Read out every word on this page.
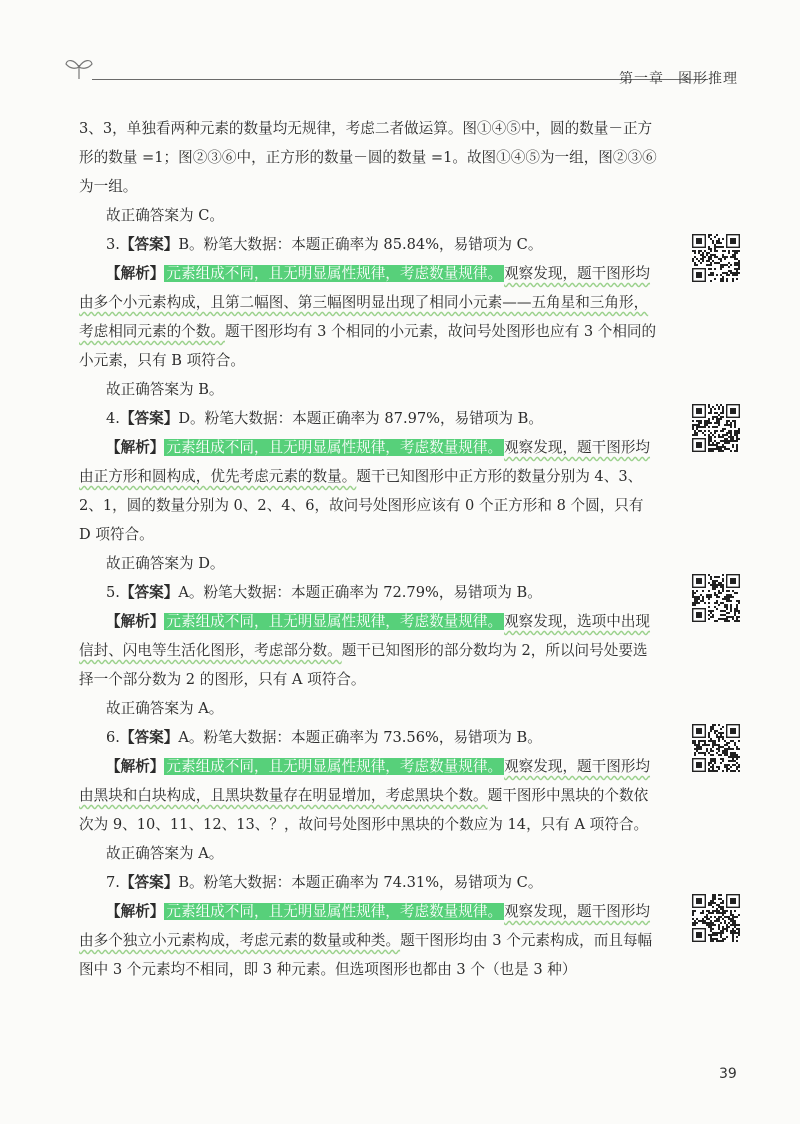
第一章 图形推理

3、3，单独看两种元素的数量均无规律，考虑二者做运算。图①④⑤中，圆的数量－正方形的数量 =1；图②③⑥中，正方形的数量－圆的数量 =1。故图①④⑤为一组，图②③⑥为一组。

故正确答案为 C。

3.【答案】B。粉笔大数据：本题正确率为 85.84%，易错项为 C。

【解析】 元素组成不同，且无明显属性规律，考虑数量规律。 观察发现，题干图形均由多个小元素构成，且第二幅图、第三幅图明显出现了相同小元素——五角星和三角形，考虑相同元素的个数。题干图形均有 3 个相同的小元素，故问号处图形也应有 3 个相同的小元素，只有 B 项符合。

故正确答案为 B。

4.【答案】D。粉笔大数据：本题正确率为 87.97%，易错项为 B。

【解析】 元素组成不同，且无明显属性规律，考虑数量规律。 观察发现，题干图形均由正方形和圆构成，优先考虑元素的数量。题干已知图形中正方形的数量分别为 4、3、2、1，圆的数量分别为 0、2、4、6，故问号处图形应该有 0 个正方形和 8 个圆，只有 D 项符合。

故正确答案为 D。

5.【答案】A。粉笔大数据：本题正确率为 72.79%，易错项为 B。

【解析】 元素组成不同，且无明显属性规律，考虑数量规律。 观察发现，选项中出现信封、闪电等生活化图形，考虑部分数。题干已知图形的部分数均为 2，所以问号处要选择一个部分数为 2 的图形，只有 A 项符合。

故正确答案为 A。

6.【答案】A。粉笔大数据：本题正确率为 73.56%，易错项为 B。

【解析】 元素组成不同，且无明显属性规律，考虑数量规律。 观察发现，题干图形均由黑块和白块构成，且黑块数量存在明显增加，考虑黑块个数。题干图形中黑块的个数依次为 9、10、11、12、13、？，故问号处图形中黑块的个数应为 14，只有 A 项符合。

故正确答案为 A。

7.【答案】B。粉笔大数据：本题正确率为 74.31%，易错项为 C。

【解析】 元素组成不同，且无明显属性规律，考虑数量规律。 观察发现，题干图形均由多个独立小元素构成，考虑元素的数量或种类。题干图形均由 3 个元素构成，而且每幅图中 3 个元素均不相同，即 3 种元素。但选项图形也都由 3 个（也是 3 种）

39
